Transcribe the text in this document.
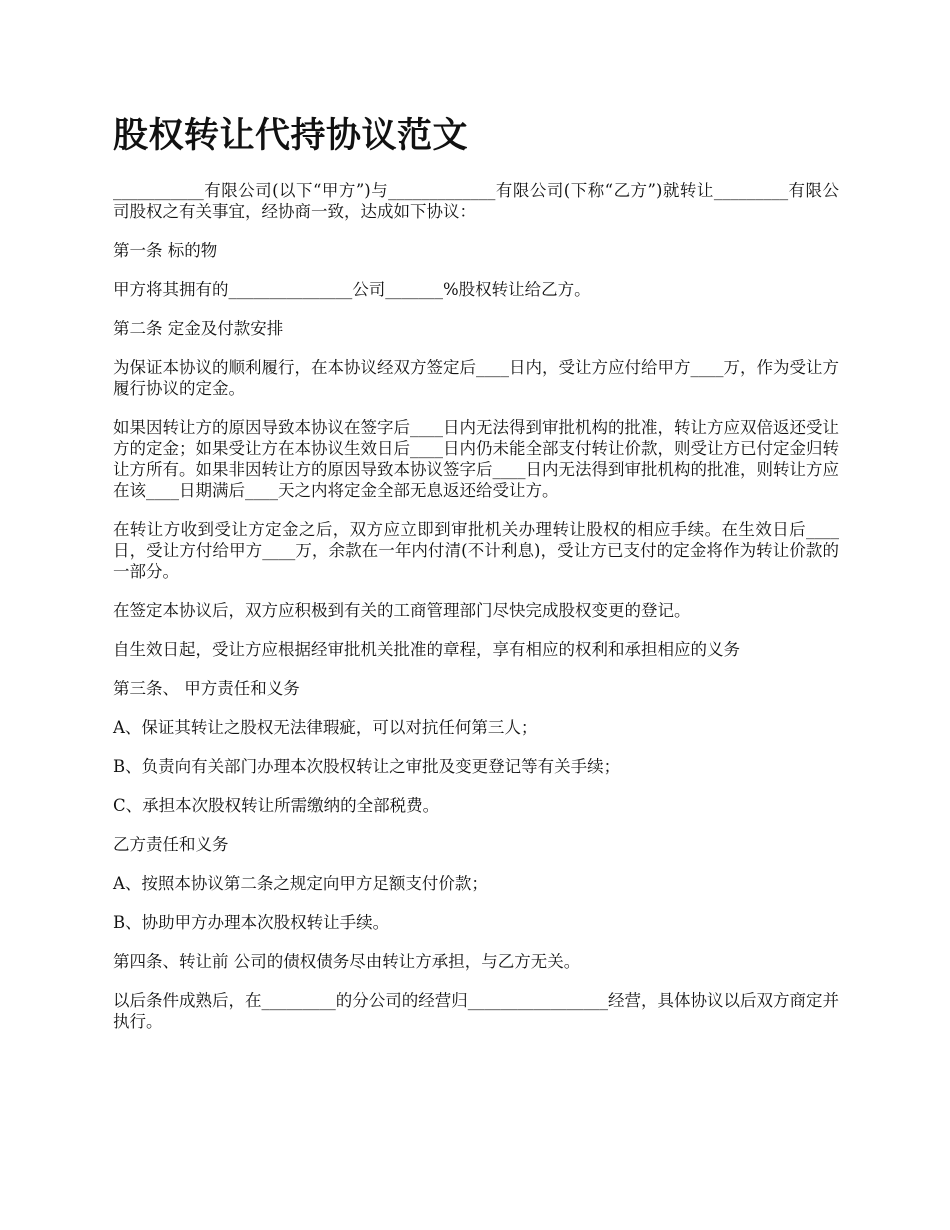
股权转让代持协议范文

___________有限公司(以下“甲方”)与_____________有限公司(下称“乙方”)就转让_________有限公司股权之有关事宜，经协商一致，达成如下协议：

第一条 标的物

甲方将其拥有的_______________公司_______%股权转让给乙方。

第二条 定金及付款安排

为保证本协议的顺利履行，在本协议经双方签定后____日内，受让方应付给甲方____万，作为受让方履行协议的定金。

如果因转让方的原因导致本协议在签字后____日内无法得到审批机构的批准，转让方应双倍返还受让方的定金；如果受让方在本协议生效日后____日内仍未能全部支付转让价款，则受让方已付定金归转让方所有。如果非因转让方的原因导致本协议签字后____日内无法得到审批机构的批准，则转让方应在该____日期满后____天之内将定金全部无息返还给受让方。

在转让方收到受让方定金之后，双方应立即到审批机关办理转让股权的相应手续。在生效日后____日，受让方付给甲方____万，余款在一年内付清(不计利息)，受让方已支付的定金将作为转让价款的一部分。

在签定本协议后，双方应积极到有关的工商管理部门尽快完成股权变更的登记。

自生效日起，受让方应根据经审批机关批准的章程，享有相应的权利和承担相应的义务

第三条、 甲方责任和义务

A、保证其转让之股权无法律瑕疵，可以对抗任何第三人；

B、负责向有关部门办理本次股权转让之审批及变更登记等有关手续；

C、承担本次股权转让所需缴纳的全部税费。

乙方责任和义务

A、按照本协议第二条之规定向甲方足额支付价款；

B、协助甲方办理本次股权转让手续。

第四条、转让前 公司的债权债务尽由转让方承担，与乙方无关。

以后条件成熟后，在_________的分公司的经营归_________________经营，具体协议以后双方商定并执行。
